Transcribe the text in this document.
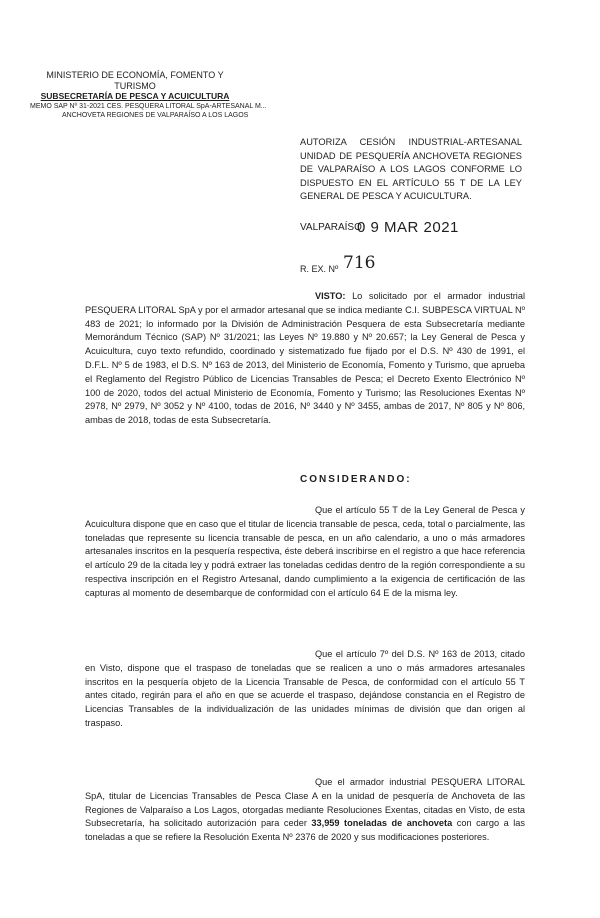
MINISTERIO DE ECONOMÍA, FOMENTO Y TURISMO
SUBSECRETARÍA DE PESCA Y ACUICULTURA
MEMO SAP Nº 31-2021 CES. PESQUERA LITORAL SpA-ARTESANAL M...
ANCHOVETA REGIONES DE VALPARAÍSO A LOS LAGOS
AUTORIZA CESIÓN INDUSTRIAL-ARTESANAL UNIDAD DE PESQUERÍA ANCHOVETA REGIONES DE VALPARAÍSO A LOS LAGOS CONFORME LO DISPUESTO EN EL ARTÍCULO 55 T DE LA LEY GENERAL DE PESCA Y ACUICULTURA.
VALPARAÍSO,
0 9 MAR 2021
R. EX. Nº 716
VISTO: Lo solicitado por el armador industrial PESQUERA LITORAL SpA y por el armador artesanal que se indica mediante C.I. SUBPESCA VIRTUAL Nº 483 de 2021; lo informado por la División de Administración Pesquera de esta Subsecretaría mediante Memorándum Técnico (SAP) Nº 31/2021; las Leyes Nº 19.880 y Nº 20.657; la Ley General de Pesca y Acuicultura, cuyo texto refundido, coordinado y sistematizado fue fijado por el D.S. Nº 430 de 1991, el D.F.L. Nº 5 de 1983, el D.S. Nº 163 de 2013, del Ministerio de Economía, Fomento y Turismo, que aprueba el Reglamento del Registro Público de Licencias Transables de Pesca; el Decreto Exento Electrónico Nº 100 de 2020, todos del actual Ministerio de Economía, Fomento y Turismo; las Resoluciones Exentas Nº 2978, Nº 2979, Nº 3052 y Nº 4100, todas de 2016, Nº 3440 y Nº 3455, ambas de 2017, Nº 805 y Nº 806, ambas de 2018, todas de esta Subsecretaría.
CONSIDERANDO:
Que el artículo 55 T de la Ley General de Pesca y Acuicultura dispone que en caso que el titular de licencia transable de pesca, ceda, total o parcialmente, las toneladas que represente su licencia transable de pesca, en un año calendario, a uno o más armadores artesanales inscritos en la pesquería respectiva, éste deberá inscribirse en el registro a que hace referencia el artículo 29 de la citada ley y podrá extraer las toneladas cedidas dentro de la región correspondiente a su respectiva inscripción en el Registro Artesanal, dando cumplimiento a la exigencia de certificación de las capturas al momento de desembarque de conformidad con el artículo 64 E de la misma ley.
Que el artículo 7º del D.S. Nº 163 de 2013, citado en Visto, dispone que el traspaso de toneladas que se realicen a uno o más armadores artesanales inscritos en la pesquería objeto de la Licencia Transable de Pesca, de conformidad con el artículo 55 T antes citado, regirán para el año en que se acuerde el traspaso, dejándose constancia en el Registro de Licencias Transables de la individualización de las unidades mínimas de división que dan origen al traspaso.
Que el armador industrial PESQUERA LITORAL SpA, titular de Licencias Transables de Pesca Clase A en la unidad de pesquería de Anchoveta de las Regiones de Valparaíso a Los Lagos, otorgadas mediante Resoluciones Exentas, citadas en Visto, de esta Subsecretaría, ha solicitado autorización para ceder 33,959 toneladas de anchoveta con cargo a las toneladas a que se refiere la Resolución Exenta Nº 2376 de 2020 y sus modificaciones posteriores.
